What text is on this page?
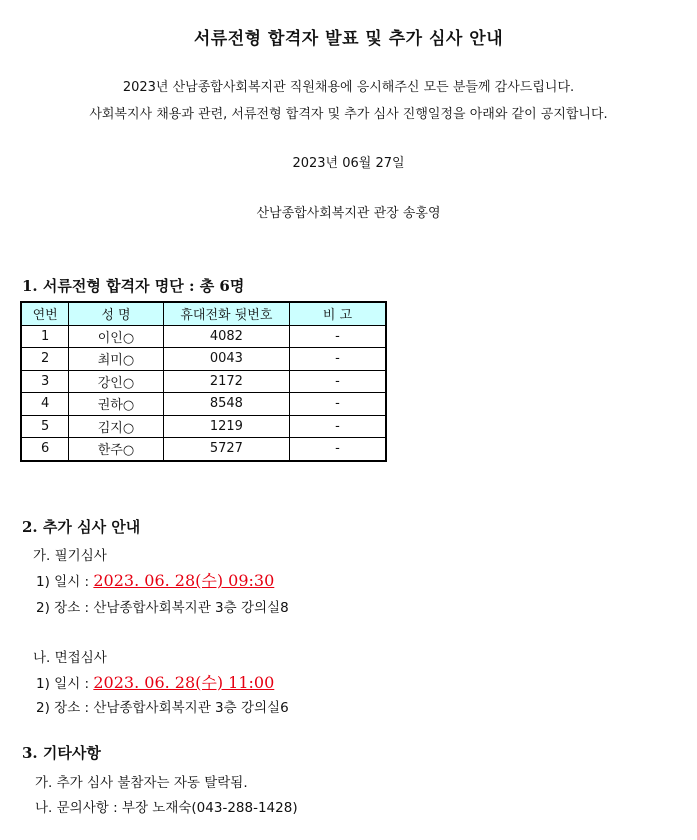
서류전형 합격자 발표 및 추가 심사 안내
2023년 산남종합사회복지관 직원채용에 응시해주신 모든 분들께 감사드립니다.
사회복지사 채용과 관련, 서류전형 합격자 및 추가 심사 진행일정을 아래와 같이 공지합니다.
2023년 06월 27일
산남종합사회복지관 관장 송홍영
1. 서류전형 합격자 명단 : 총 6명
연번	성 명	휴대전화 뒷번호	비 고
1	이인○	4082	-
2	최미○	0043	-
3	강인○	2172	-
4	권하○	8548	-
5	김지○	1219	-
6	한주○	5727	-
2. 추가 심사 안내
가. 필기심사
1) 일시 : 2023. 06. 28(수) 09:30
2) 장소 : 산남종합사회복지관 3층 강의실8
나. 면접심사
1) 일시 : 2023. 06. 28(수) 11:00
2) 장소 : 산남종합사회복지관 3층 강의실6
3. 기타사항
가. 추가 심사 불참자는 자동 탈락됨.
나. 문의사항 : 부장 노재숙(043-288-1428)
